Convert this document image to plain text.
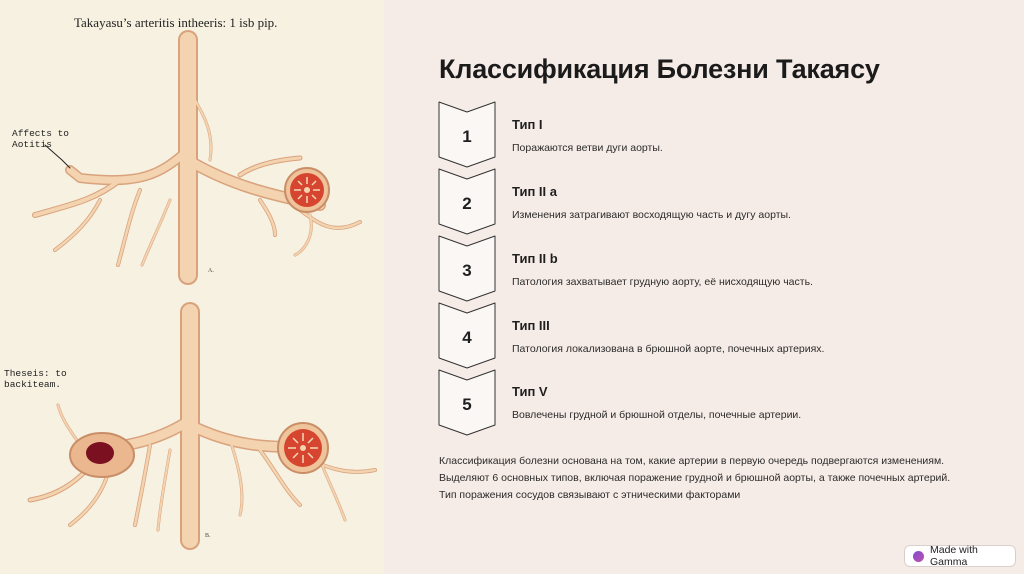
Takayasu’s arteritis intheeris: 1 isb pip.
Affects to
Aotitis
Theseis: to
backiteam.
A.
B.
Классификация Болезни Такаясу
1
Тип I
Поражаются ветви дуги аорты.
2
Тип II a
Изменения затрагивают восходящую часть и дугу аорты.
3
Тип II b
Патология захватывает грудную аорту, её нисходящую часть.
4
Тип III
Патология локализована в брюшной аорте, почечных артериях.
5
Тип V
Вовлечены грудной и брюшной отделы, почечные артерии.

Классификация болезни основана на том, какие артерии в первую очередь подвергаются изменениям. Выделяют 6 основных типов, включая поражение грудной и брюшной аорты, а также почечных артерий. Тип поражения сосудов связывают с этническими факторами

Made with Gamma
